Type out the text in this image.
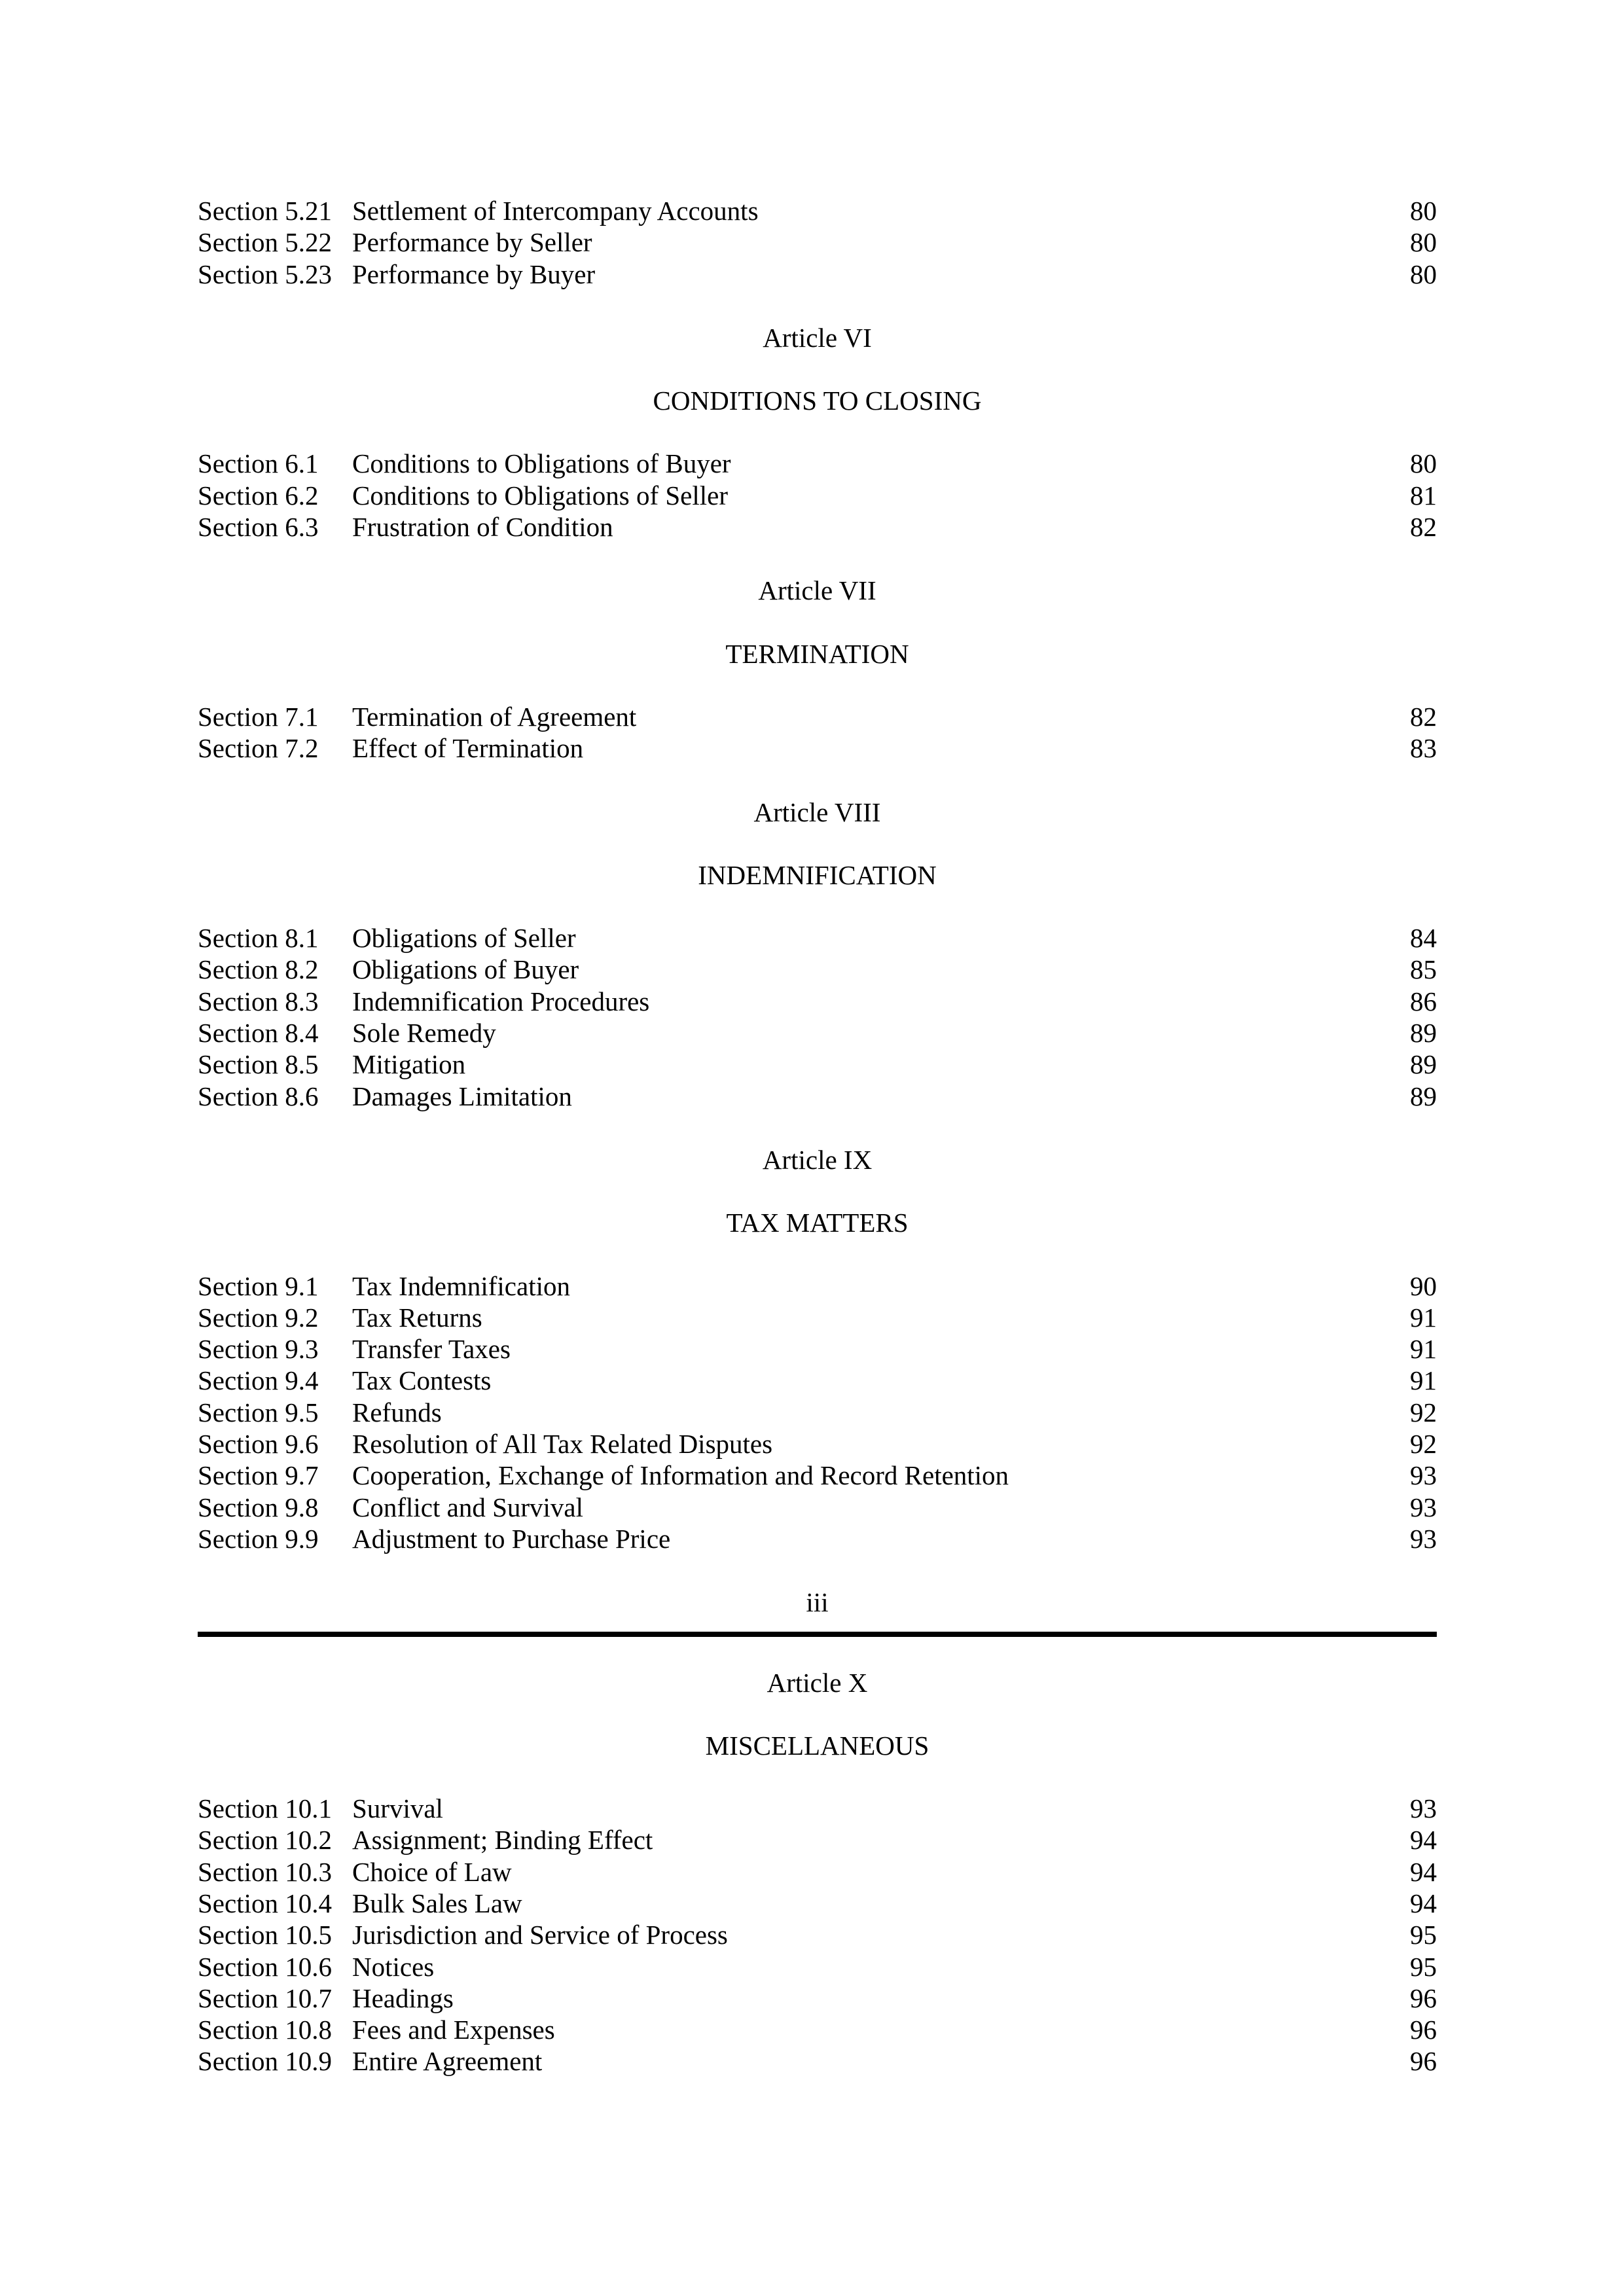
Section 5.21 Settlement of Intercompany Accounts	80
Section 5.22 Performance by Seller	80
Section 5.23 Performance by Buyer	80
Article VI
CONDITIONS TO CLOSING
Section 6.1	Conditions to Obligations of Buyer	80
Section 6.2	Conditions to Obligations of Seller	81
Section 6.3	Frustration of Condition	82
Article VII
TERMINATION
Section 7.1	Termination of Agreement	82
Section 7.2	Effect of Termination	83
Article VIII
INDEMNIFICATION
Section 8.1	Obligations of Seller	84
Section 8.2	Obligations of Buyer	85
Section 8.3	Indemnification Procedures	86
Section 8.4	Sole Remedy	89
Section 8.5	Mitigation	89
Section 8.6	Damages Limitation	89
Article IX
TAX MATTERS
Section 9.1	Tax Indemnification	90
Section 9.2	Tax Returns	91
Section 9.3	Transfer Taxes	91
Section 9.4	Tax Contests	91
Section 9.5	Refunds	92
Section 9.6	Resolution of All Tax Related Disputes	92
Section 9.7	Cooperation, Exchange of Information and Record Retention	93
Section 9.8	Conflict and Survival	93
Section 9.9	Adjustment to Purchase Price	93
iii
Article X
MISCELLANEOUS
Section 10.1 Survival	93
Section 10.2 Assignment; Binding Effect	94
Section 10.3 Choice of Law	94
Section 10.4 Bulk Sales Law	94
Section 10.5 Jurisdiction and Service of Process	95
Section 10.6 Notices	95
Section 10.7 Headings	96
Section 10.8 Fees and Expenses	96
Section 10.9 Entire Agreement	96
